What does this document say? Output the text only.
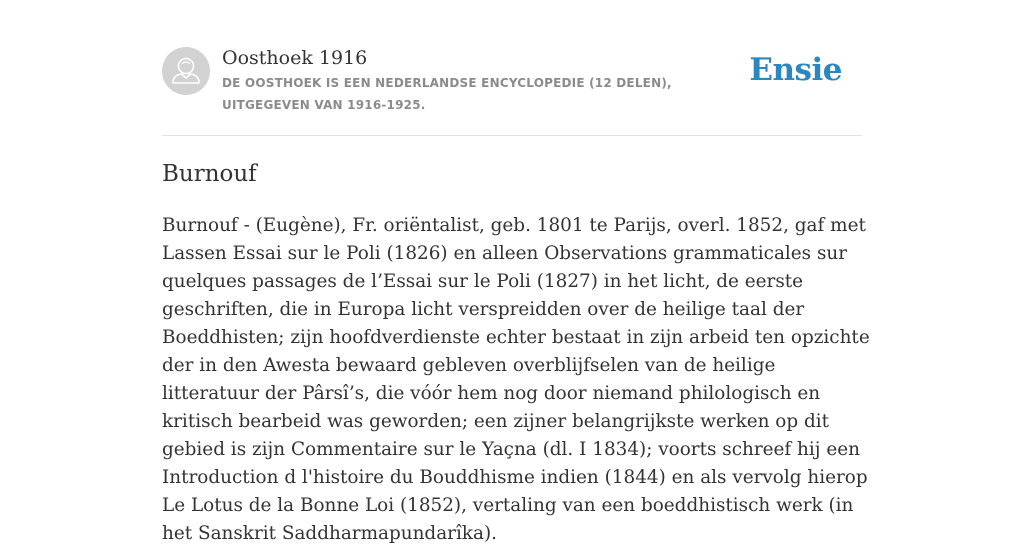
Oosthoek 1916
DE OOSTHOEK IS EEN NEDERLANDSE ENCYCLOPEDIE (12 DELEN), UITGEGEVEN VAN 1916-1925.
Ensie
Burnouf

Burnouf - (Eugène), Fr. oriëntalist, geb. 1801 te Parijs, overl. 1852, gaf met Lassen Essai sur le Poli (1826) en alleen Observations grammaticales sur quelques passages de l’Essai sur le Poli (1827) in het licht, de eerste geschriften, die in Europa licht verspreidden over de heilige taal der Boeddhisten; zijn hoofdverdienste echter bestaat in zijn arbeid ten opzichte der in den Awesta bewaard gebleven overblijfselen van de heilige litteratuur der Pârsî’s, die vóór hem nog door niemand philologisch en kritisch bearbeid was geworden; een zijner belangrijkste werken op dit gebied is zijn Commentaire sur le Yaçna (dl. I 1834); voorts schreef hij een Introduction d l'histoire du Bouddhisme indien (1844) en als vervolg hierop Le Lotus de la Bonne Loi (1852), vertaling van een boeddhistisch werk (in het Sanskrit Saddharmapundarîka).
